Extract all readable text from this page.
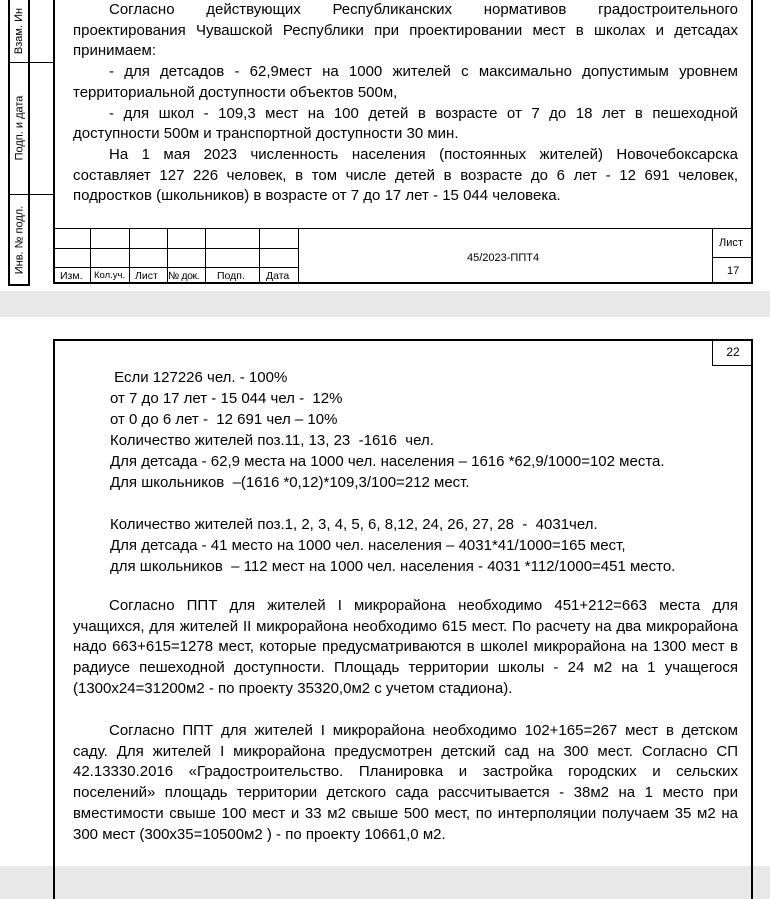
Взам. Ин
Подп. и дата
Инв. № подл.

Согласно действующих Республиканских нормативов градостроительного проектирования Чувашской Республики при проектировании мест в школах и детсадах принимаем:

- для детсадов - 62,9мест на 1000 жителей с максимально допустимым уровнем территориальной доступности объектов 500м,

- для школ - 109,3 мест на 100 детей в возрасте от 7 до 18 лет в пешеходной доступности 500м и транспортной доступности 30 мин.

На 1 мая 2023 численность населения (постоянных жителей) Новочебоксарска составляет 127 226 человек, в том числе детей в возрасте до 6 лет - 12 691 человек, подростков (школьников) в возрасте от 7 до 17 лет - 15 044 человека.

Изм. Кол.уч. Лист № док. Подп. Дата
45/2023-ППТ4
Лист
17
22
Если 127226 чел. - 100%
от 7 до 17 лет - 15 044 чел -  12%
от 0 до 6 лет -  12 691 чел – 10%
Количество жителей поз.11, 13, 23  -1616  чел.
Для детсада - 62,9 места на 1000 чел. населения – 1616 *62,9/1000=102 места.
Для школьников  –(1616 *0,12)*109,3/100=212 мест.
Количество жителей поз.1, 2, 3, 4, 5, 6, 8,12, 24, 26, 27, 28  -  4031чел.
Для детсада - 41 место на 1000 чел. населения – 4031*41/1000=165 мест,
для школьников  – 112 мест на 1000 чел. населения - 4031 *112/1000=451 место.

Согласно ППТ для жителей I микрорайона необходимо 451+212=663 места для учащихся, для жителей II микрорайона необходимо 615 мест. По расчету на два микрорайона надо 663+615=1278 мест, которые предусматриваются в школеI микрорайона на 1300 мест в радиусе пешеходной доступности. Площадь территории школы - 24 м2 на 1 учащегося (1300х24=31200м2 - по проекту 35320,0м2 с учетом стадиона).

Согласно ППТ для жителей I микрорайона необходимо 102+165=267 мест в детском саду. Для жителей I микрорайона предусмотрен детский сад на 300 мест. Согласно СП 42.13330.2016 «Градостроительство. Планировка и застройка городских и сельских поселений» площадь территории детского сада рассчитывается - 38м2 на 1 место при вместимости свыше 100 мест и 33 м2 свыше 500 мест, по интерполяции получаем 35 м2 на 300 мест (300х35=10500м2 ) - по проекту 10661,0 м2.
